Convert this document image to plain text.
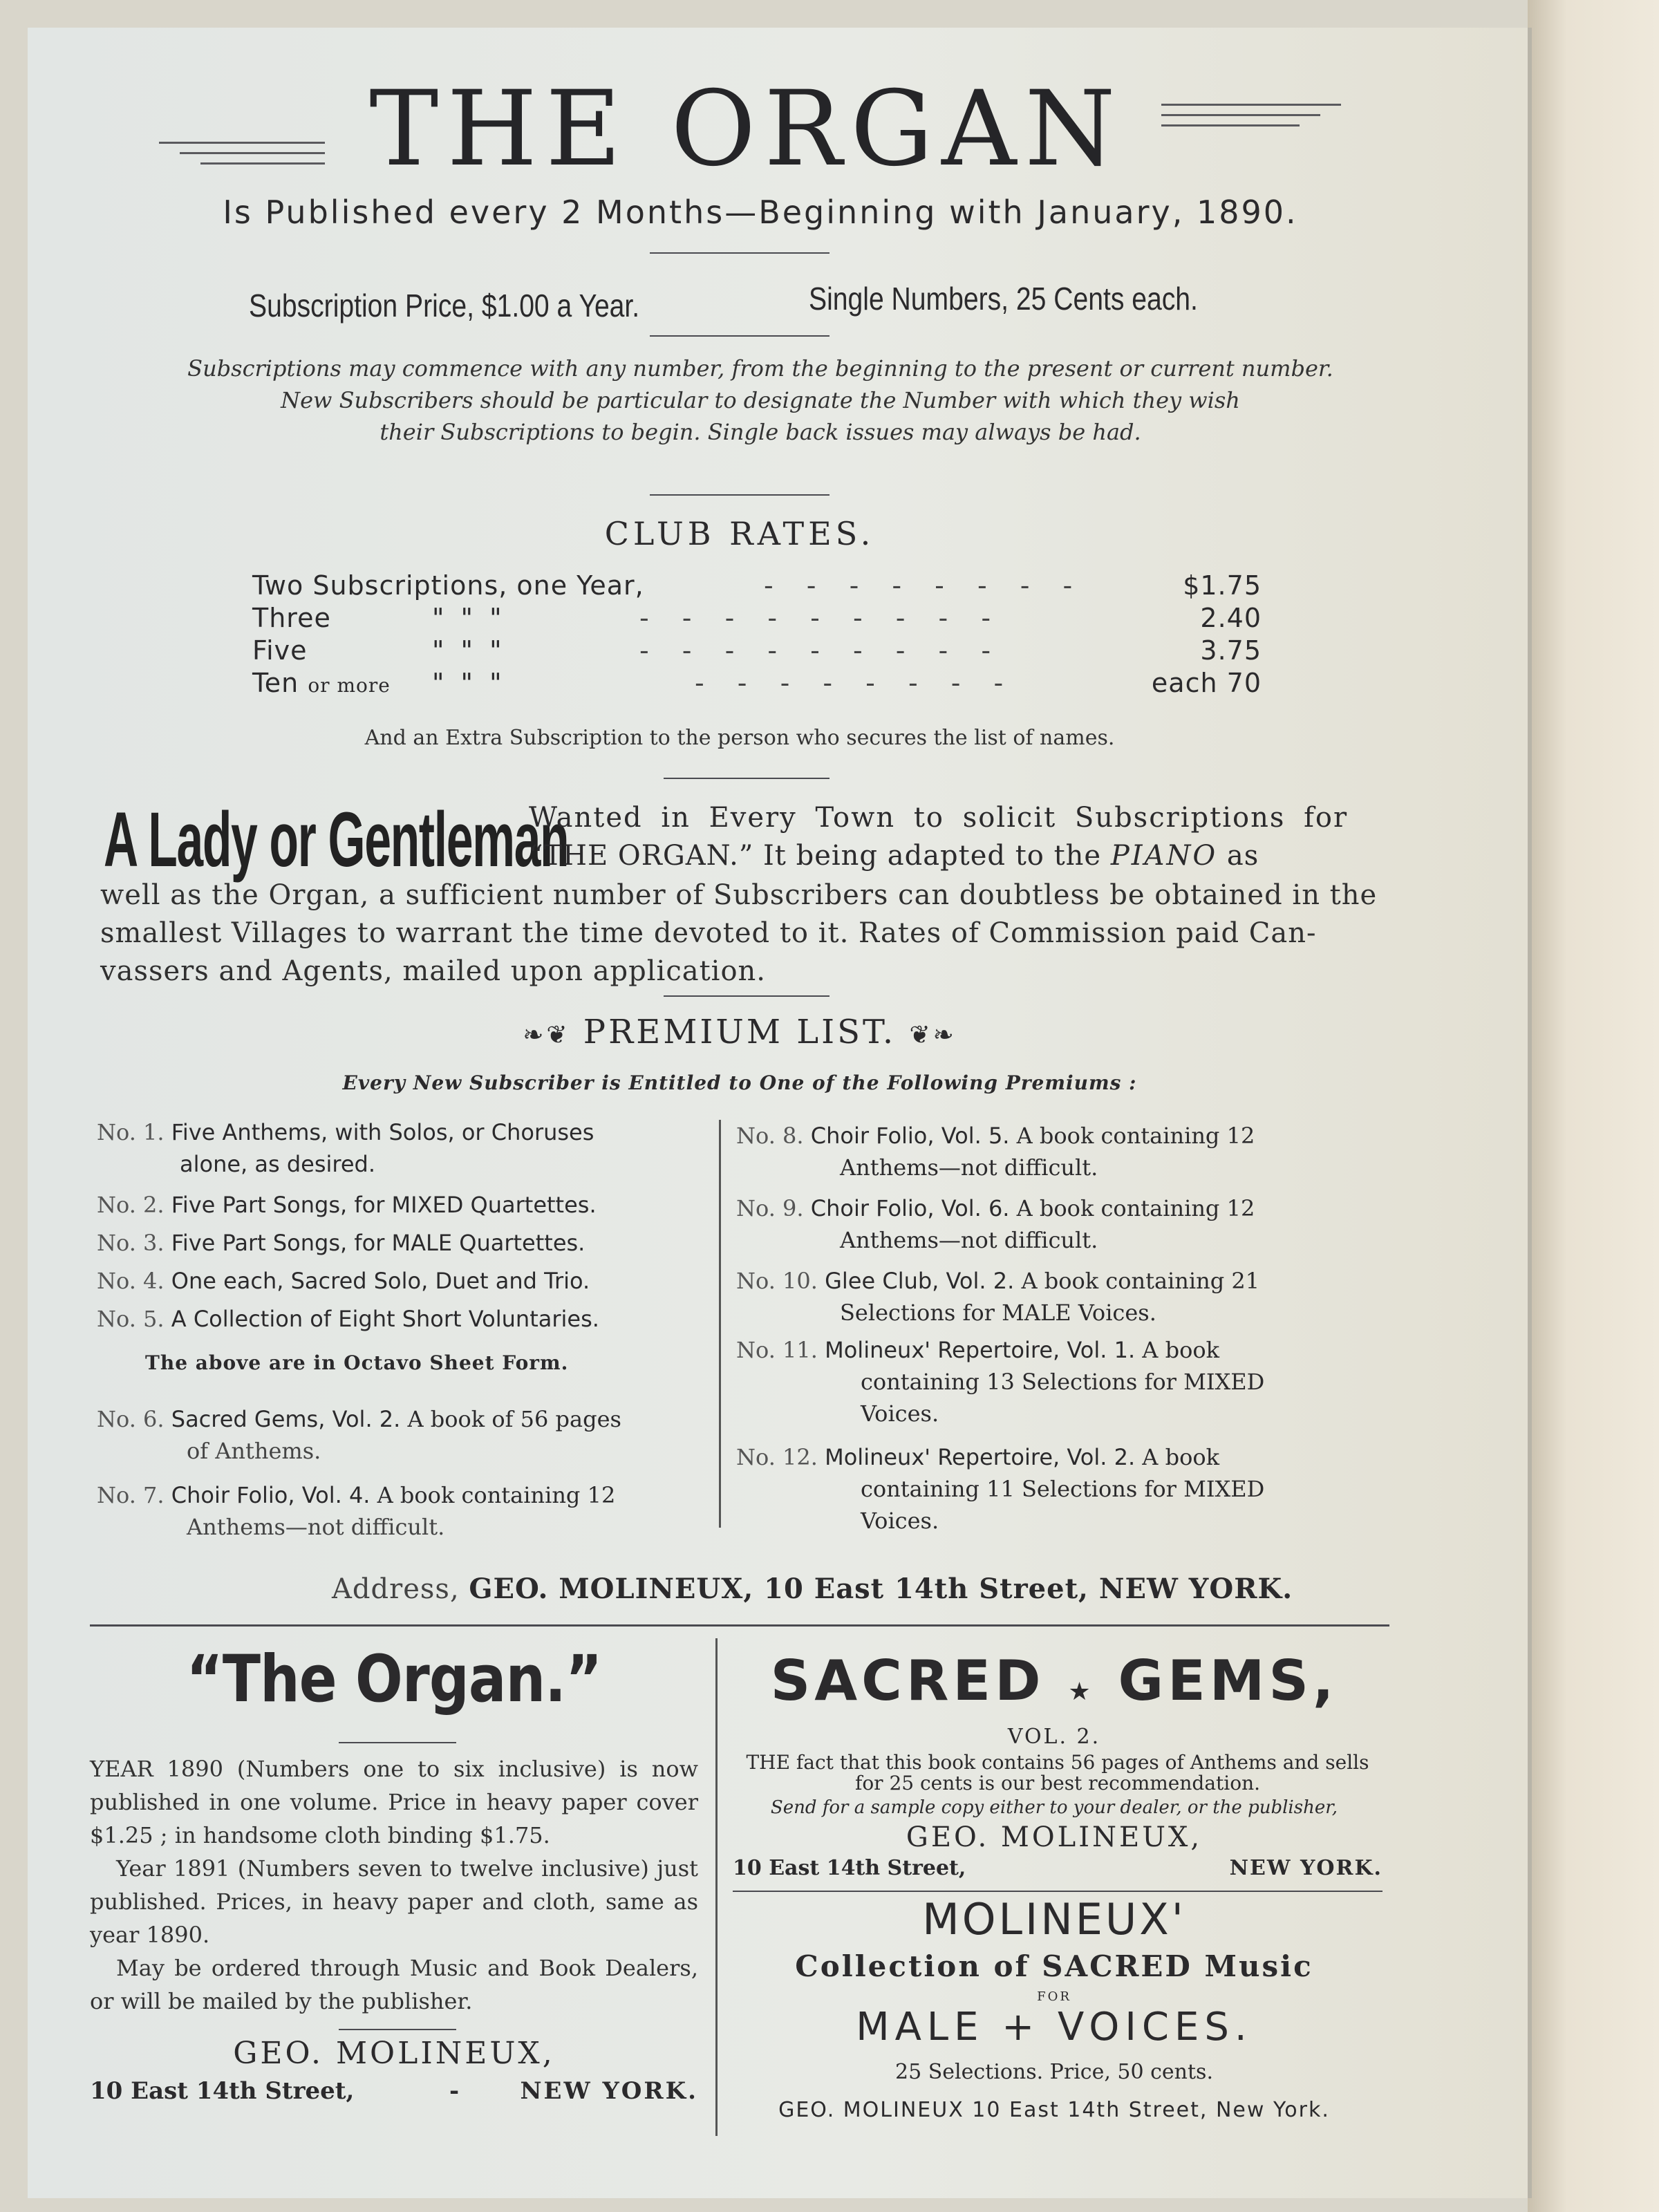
THE ORGAN
Is Published every 2 Months—Beginning with January, 1890.
Subscription Price, $1.00 a Year.	Single Numbers, 25 Cents each.
Subscriptions may commence with any number, from the beginning to the present or current number.
New Subscribers should be particular to designate the Number with which they wish
their Subscriptions to begin. Single back issues may always be had.
CLUB RATES.
Two Subscriptions, one Year,	- - - - - - - -	$1.75
Three	" " "	- - - - - - - - -	2.40
Five	" " "	- - - - - - - - -	3.75
Ten or more " " "	- - - - - - - -	each 70
And an Extra Subscription to the person who secures the list of names.
A Lady or Gentleman
Wanted in Every Town to solicit Subscriptions for
“THE ORGAN.” It being adapted to the PIANO as
well as the Organ, a sufficient number of Subscribers can doubtless be obtained in the
smallest Villages to warrant the time devoted to it. Rates of Commission paid Can-
vassers and Agents, mailed upon application.
❧❦ PREMIUM LIST. ❦❧
Every New Subscriber is Entitled to One of the Following Premiums :
No. 1. Five Anthems, with Solos, or Choruses
alone, as desired.
No. 2. Five Part Songs, for MIXED Quartettes.
No. 3. Five Part Songs, for MALE Quartettes.
No. 4. One each, Sacred Solo, Duet and Trio.
No. 5. A Collection of Eight Short Voluntaries.
The above are in Octavo Sheet Form.
No. 6. Sacred Gems, Vol. 2. A book of 56 pages
of Anthems.
No. 7. Choir Folio, Vol. 4. A book containing 12
Anthems—not difficult.
No. 8. Choir Folio, Vol. 5. A book containing 12
Anthems—not difficult.
No. 9. Choir Folio, Vol. 6. A book containing 12
Anthems—not difficult.
No. 10. Glee Club, Vol. 2. A book containing 21
Selections for MALE Voices.
No. 11. Molineux' Repertoire, Vol. 1. A book
containing 13 Selections for MIXED
Voices.
No. 12. Molineux' Repertoire, Vol. 2. A book
containing 11 Selections for MIXED
Voices.
Address, GEO. MOLINEUX, 10 East 14th Street, NEW YORK.
“The Organ.”
YEAR 1890 (Numbers one to six inclusive) is now published in one volume. Price in heavy paper cover $1.25 ; in handsome cloth binding $1.75.
Year 1891 (Numbers seven to twelve inclusive) just published. Prices, in heavy paper and cloth, same as year 1890.
May be ordered through Music and Book Dealers, or will be mailed by the publisher.
GEO. MOLINEUX,
10 East 14th Street,	-	NEW YORK.
SACRED ★ GEMS,
VOL. 2.
THE fact that this book contains 56 pages of Anthems and sells for 25 cents is our best recommendation.
Send for a sample copy either to your dealer, or the publisher,
GEO. MOLINEUX,
10 East 14th Street,	NEW YORK.
MOLINEUX'
Collection of SACRED Music
FOR
MALE + VOICES.
25 Selections. Price, 50 cents.
GEO. MOLINEUX 10 East 14th Street, New York.
